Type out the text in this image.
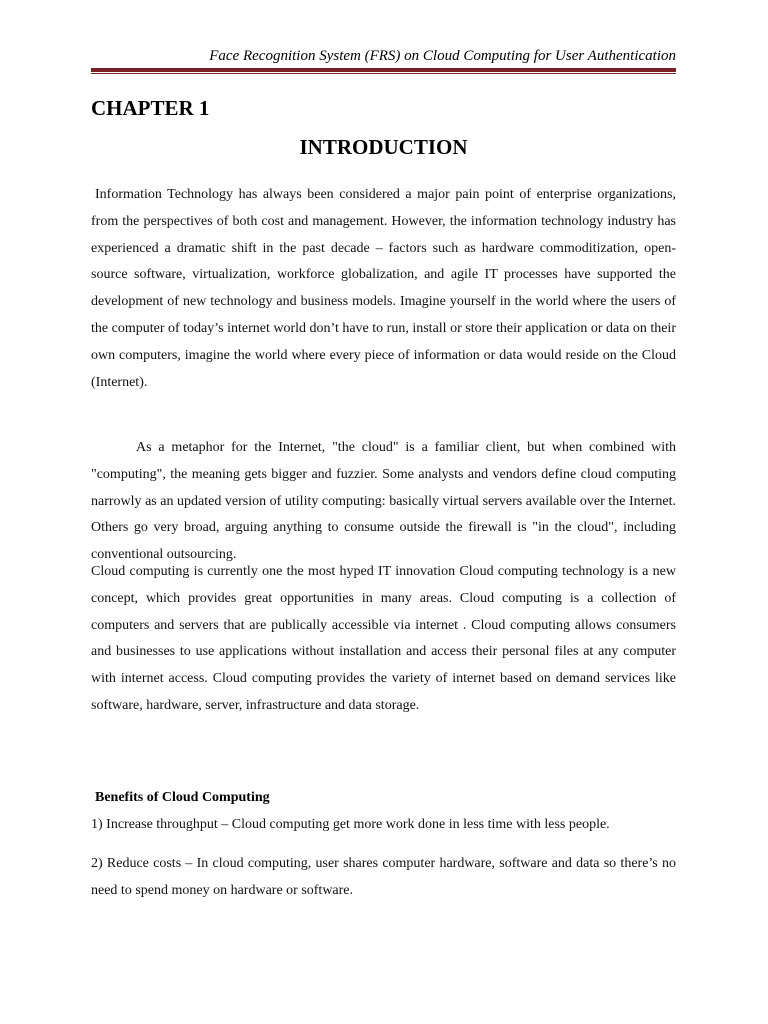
Face Recognition System (FRS) on Cloud Computing for User Authentication
CHAPTER 1
INTRODUCTION

Information Technology has always been considered a major pain point of enterprise organizations, from the perspectives of both cost and management. However, the information technology industry has experienced a dramatic shift in the past decade – factors such as hardware commoditization, open-source software, virtualization, workforce globalization, and agile IT processes have supported the development of new technology and business models. Imagine yourself in the world where the users of the computer of today’s internet world don’t have to run, install or store their application or data on their own computers, imagine the world where every piece of information or data would reside on the Cloud (Internet).

As a metaphor for the Internet, "the cloud" is a familiar client, but when combined with "computing", the meaning gets bigger and fuzzier. Some analysts and vendors define cloud computing narrowly as an updated version of utility computing: basically virtual servers available over the Internet. Others go very broad, arguing anything to consume outside the firewall is "in the cloud", including conventional outsourcing.

Cloud computing is currently one the most hyped IT innovation Cloud computing technology is a new concept, which provides great opportunities in many areas. Cloud computing is a collection of computers and servers that are publically accessible via internet . Cloud computing allows consumers and businesses to use applications without installation and access their personal files at any computer with internet access. Cloud computing provides the variety of internet based on demand services like software, hardware, server, infrastructure and data storage.

Benefits of Cloud Computing

1) Increase throughput – Cloud computing get more work done in less time with less people.

2) Reduce costs – In cloud computing, user shares computer hardware, software and data so there’s no need to spend money on hardware or software.
